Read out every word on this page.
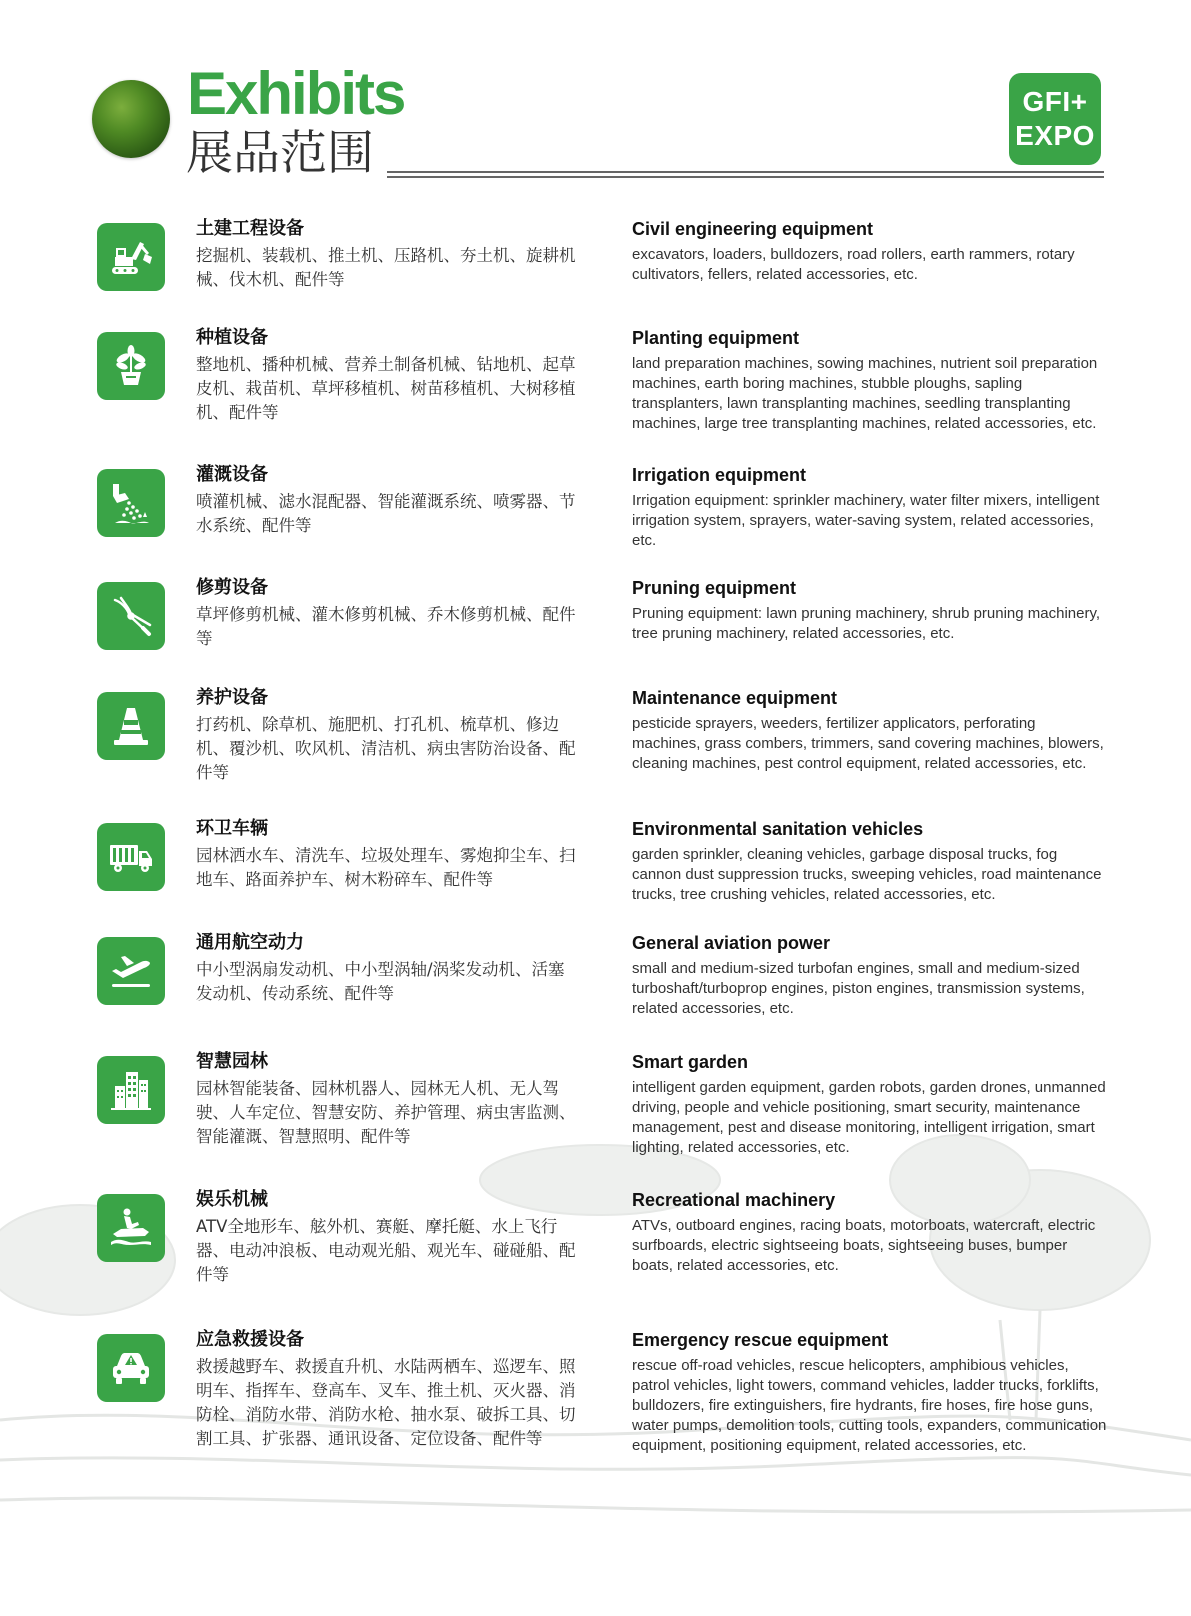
Exhibits
展品范围
GFI+
EXPO

土建工程设备

挖掘机、装载机、推土机、压路机、夯土机、旋耕机械、伐木机、配件等

Civil engineering equipment

excavators, loaders, bulldozers, road rollers, earth rammers, rotary cultivators, fellers, related accessories, etc.

种植设备

整地机、播种机械、营养土制备机械、钻地机、起草皮机、栽苗机、草坪移植机、树苗移植机、大树移植机、配件等

Planting equipment

land preparation machines, sowing machines, nutrient soil preparation machines, earth boring machines, stubble ploughs, sapling transplanters, lawn transplanting machines, seedling transplanting machines, large tree transplanting machines, related accessories, etc.

灌溉设备

喷灌机械、滤水混配器、智能灌溉系统、喷雾器、节水系统、配件等

Irrigation equipment

Irrigation equipment: sprinkler machinery, water filter mixers, intelligent irrigation system, sprayers, water-saving system, related accessories, etc.

修剪设备

草坪修剪机械、灌木修剪机械、乔木修剪机械、配件等

Pruning equipment

Pruning equipment: lawn pruning machinery, shrub pruning machinery, tree pruning machinery, related accessories, etc.

养护设备

打药机、除草机、施肥机、打孔机、梳草机、修边机、覆沙机、吹风机、清洁机、病虫害防治设备、配件等

Maintenance equipment

pesticide sprayers, weeders, fertilizer applicators, perforating machines, grass combers, trimmers, sand covering machines, blowers, cleaning machines, pest control equipment, related accessories, etc.

环卫车辆

园林洒水车、清洗车、垃圾处理车、雾炮抑尘车、扫地车、路面养护车、树木粉碎车、配件等

Environmental sanitation vehicles

garden sprinkler, cleaning vehicles, garbage disposal trucks, fog cannon dust suppression trucks, sweeping vehicles, road maintenance trucks, tree crushing vehicles, related accessories, etc.

通用航空动力

中小型涡扇发动机、中小型涡轴/涡桨发动机、活塞发动机、传动系统、配件等

General aviation power

small and medium-sized turbofan engines, small and medium-sized turboshaft/turboprop engines, piston engines, transmission systems, related accessories, etc.

智慧园林

园林智能装备、园林机器人、园林无人机、无人驾驶、人车定位、智慧安防、养护管理、病虫害监测、智能灌溉、智慧照明、配件等

Smart garden

intelligent garden equipment, garden robots, garden drones, unmanned driving, people and vehicle positioning, smart security, maintenance management, pest and disease monitoring, intelligent irrigation, smart lighting, related accessories, etc.

娱乐机械

ATV全地形车、舷外机、赛艇、摩托艇、水上飞行器、电动冲浪板、电动观光船、观光车、碰碰船、配件等

Recreational machinery

ATVs, outboard engines, racing boats, motorboats, watercraft, electric surfboards, electric sightseeing boats, sightseeing buses, bumper boats, related accessories, etc.

应急救援设备

救援越野车、救援直升机、水陆两栖车、巡逻车、照明车、指挥车、登高车、叉车、推土机、灭火器、消防栓、消防水带、消防水枪、抽水泵、破拆工具、切割工具、扩张器、通讯设备、定位设备、配件等

Emergency rescue equipment

rescue off-road vehicles, rescue helicopters, amphibious vehicles, patrol vehicles, light towers, command vehicles, ladder trucks, forklifts, bulldozers, fire extinguishers, fire hydrants, fire hoses, fire hose guns, water pumps, demolition tools, cutting tools, expanders, communication equipment, positioning equipment, related accessories, etc.
